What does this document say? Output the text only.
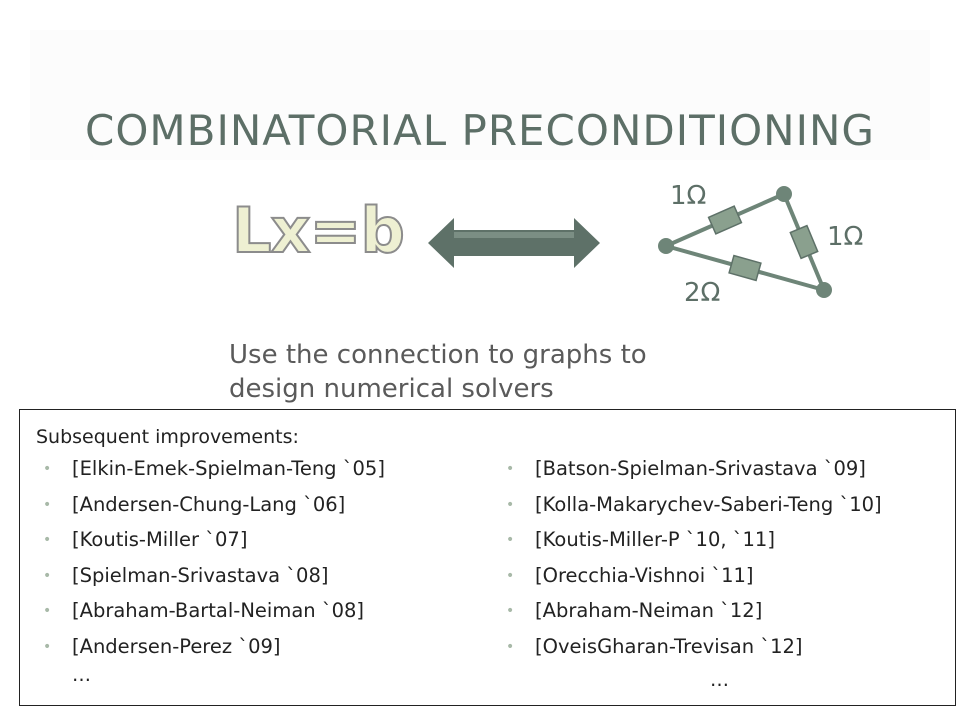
COMBINATORIAL PRECONDITIONING
Lx=b	1Ω
1Ω
2Ω
Use the connection to graphs to
design numerical solvers
Subsequent improvements:
• [Elkin-Emek-Spielman-Teng `05]
• [Andersen-Chung-Lang `06]
• [Koutis-Miller `07]
• [Spielman-Srivastava `08]
• [Abraham-Bartal-Neiman `08]
• [Andersen-Perez `09]
…
• [Batson-Spielman-Srivastava `09]
• [Kolla-Makarychev-Saberi-Teng `10]
• [Koutis-Miller-P `10, `11]
• [Orecchia-Vishnoi `11]
• [Abraham-Neiman `12]
• [OveisGharan-Trevisan `12]
…
